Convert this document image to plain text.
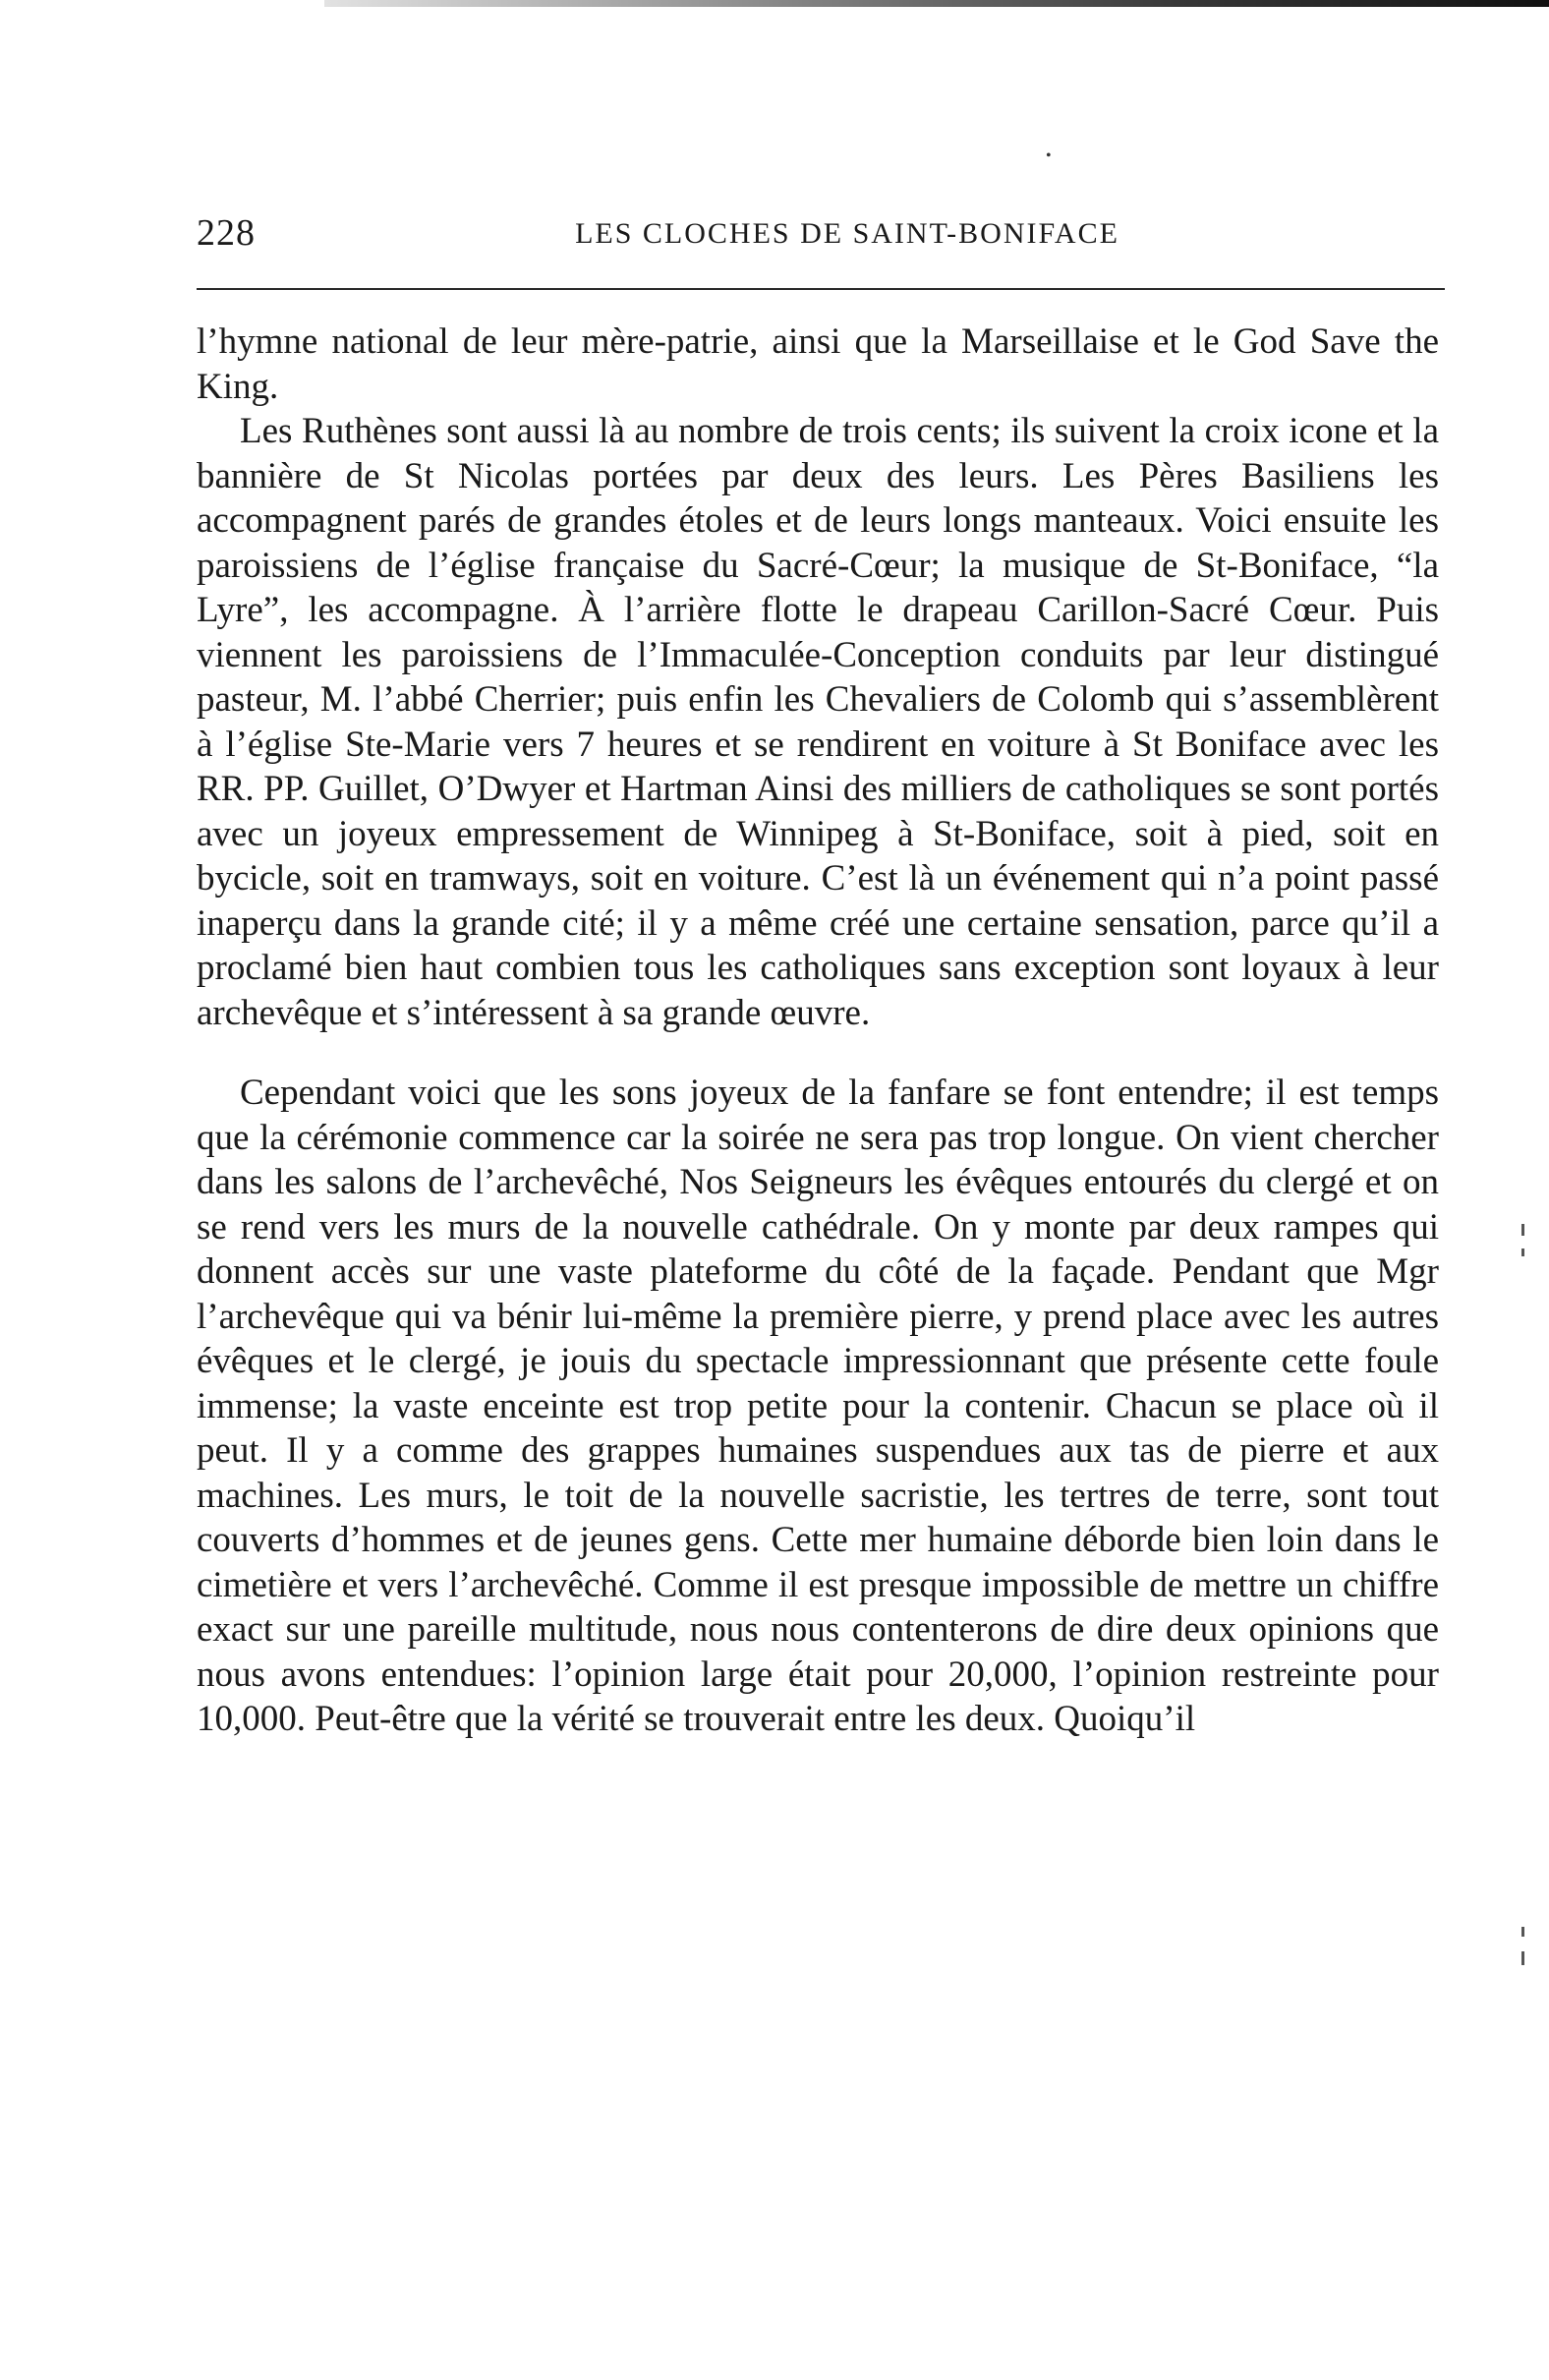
•
228	LES CLOCHES DE SAINT-BONIFACE

l’hymne national de leur mère-patrie, ainsi que la Marseillaise et le God Save the King.

Les Ruthènes sont aussi là au nombre de trois cents; ils suivent la croix icone et la bannière de St Nicolas portées par deux des leurs. Les Pères Basiliens les accompagnent parés de grandes étoles et de leurs longs manteaux. Voici ensuite les paroissiens de l’église française du Sacré-Cœur; la musique de St-Boniface, “la Lyre”, les accompagne. À l’arrière flotte le drapeau Carillon-Sacré Cœur. Puis viennent les paroissiens de l’Immaculée-Conception conduits par leur distingué pasteur, M. l’abbé Cherrier; puis enfin les Chevaliers de Colomb qui s’assemblèrent à l’église Ste-Marie vers 7 heures et se rendirent en voiture à St Boniface avec les RR. PP. Guillet, O’Dwyer et Hartman Ainsi des milliers de catholiques se sont portés avec un joyeux empressement de Winnipeg à St-Boniface, soit à pied, soit en bycicle, soit en tramways, soit en voiture. C’est là un événement qui n’a point passé inaperçu dans la grande cité; il y a même créé une certaine sensation, parce qu’il a proclamé bien haut combien tous les catholiques sans exception sont loyaux à leur archevêque et s’intéressent à sa grande œuvre.

Cependant voici que les sons joyeux de la fanfare se font entendre; il est temps que la cérémonie commence car la soirée ne sera pas trop longue. On vient chercher dans les salons de l’archevêché, Nos Seigneurs les évêques entourés du clergé et on se rend vers les murs de la nouvelle cathédrale. On y monte par deux rampes qui donnent accès sur une vaste plateforme du côté de la façade. Pendant que Mgr l’archevêque qui va bénir lui-même la première pierre, y prend place avec les autres évêques et le clergé, je jouis du spectacle impressionnant que présente cette foule immense; la vaste enceinte est trop petite pour la contenir. Chacun se place où il peut. Il y a comme des grappes humaines suspendues aux tas de pierre et aux machines. Les murs, le toit de la nouvelle sacristie, les tertres de terre, sont tout couverts d’hommes et de jeunes gens. Cette mer humaine déborde bien loin dans le cimetière et vers l’archevêché. Comme il est presque impossible de mettre un chiffre exact sur une pareille multitude, nous nous contenterons de dire deux opinions que nous avons entendues: l’opinion large était pour 20,000, l’opinion restreinte pour 10,000. Peut-être que la vérité se trouverait entre les deux. Quoiqu’il
